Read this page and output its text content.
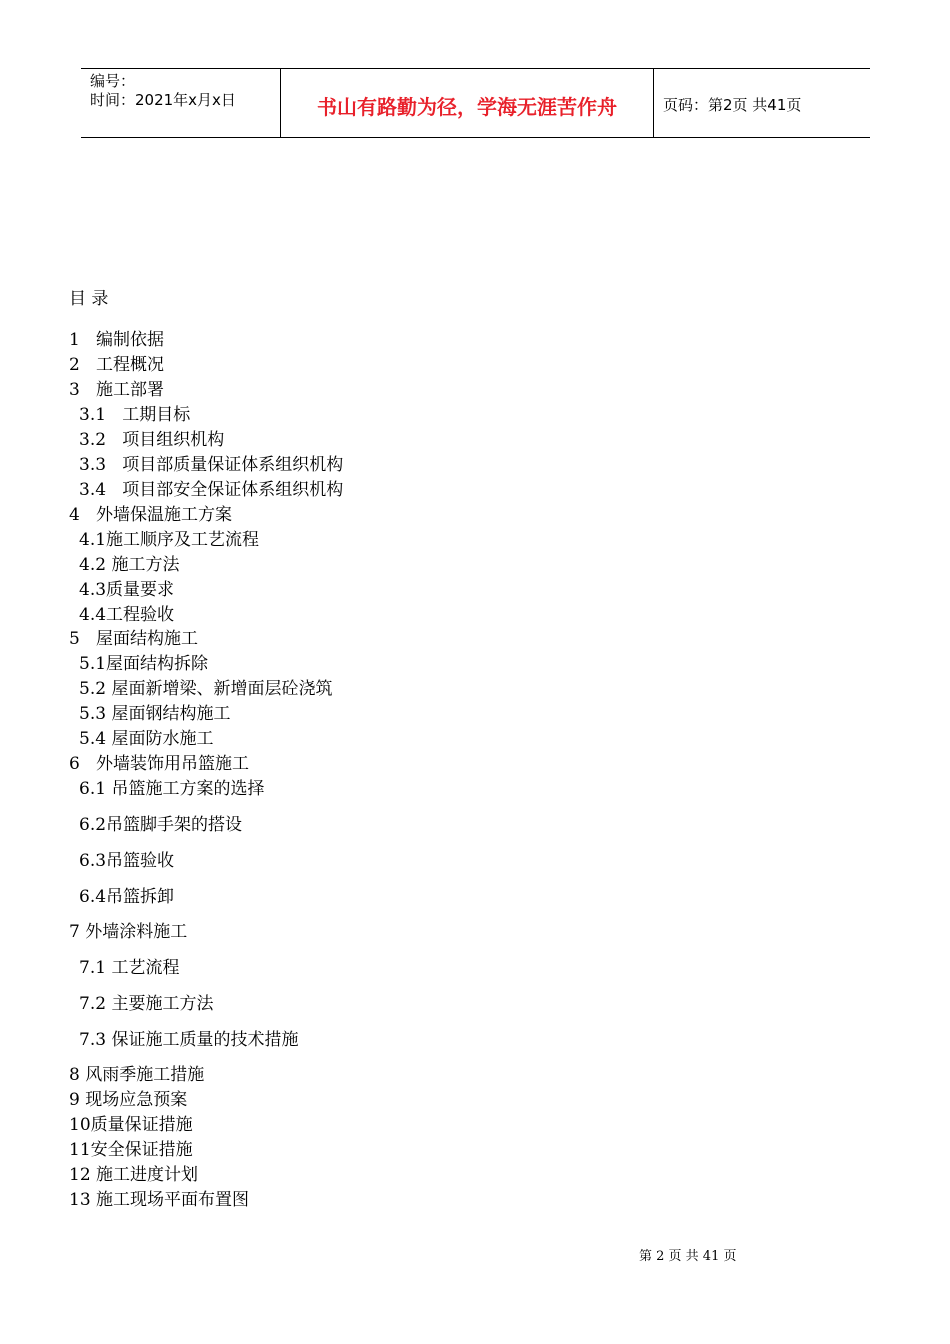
编号：
时间：2021年x月x日	书山有路勤为径，学海无涯苦作舟	页码：第2页 共41页
目 录
1   编制依据
2   工程概况
3   施工部署
3.1   工期目标
3.2   项目组织机构
3.3   项目部质量保证体系组织机构
3.4   项目部安全保证体系组织机构
4   外墙保温施工方案
4.1施工顺序及工艺流程
4.2 施工方法
4.3质量要求
4.4工程验收
5   屋面结构施工
5.1屋面结构拆除
5.2 屋面新增梁、新增面层砼浇筑
5.3 屋面钢结构施工
5.4 屋面防水施工
6   外墙装饰用吊篮施工
6.1 吊篮施工方案的选择
6.2吊篮脚手架的搭设
6.3吊篮验收
6.4吊篮拆卸
7 外墙涂料施工
7.1 工艺流程
7.2 主要施工方法
7.3 保证施工质量的技术措施
8 风雨季施工措施
9 现场应急预案
10质量保证措施
11安全保证措施
12 施工进度计划
13 施工现场平面布置图
第 2 页 共 41 页
